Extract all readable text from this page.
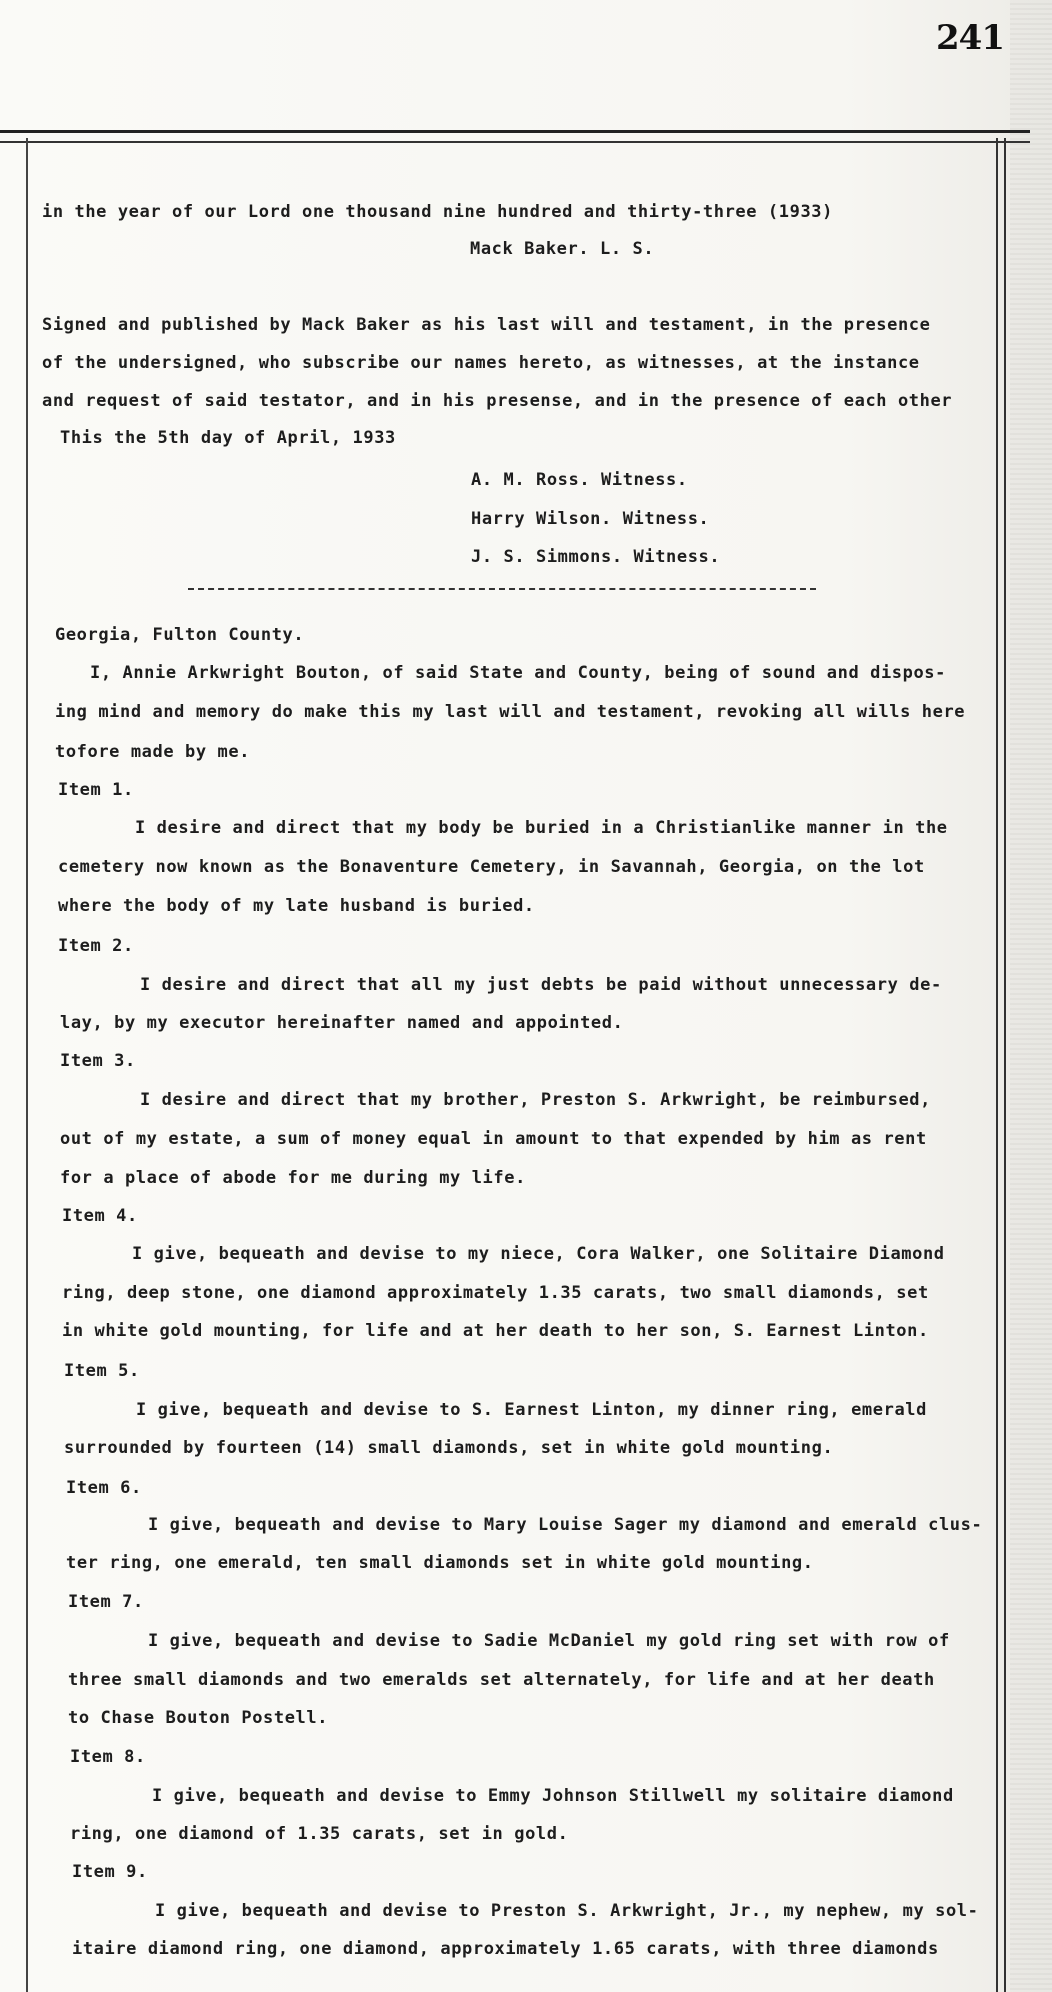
241
in the year of our Lord one thousand nine hundred and thirty-three (1933)
Mack Baker. L. S.
Signed and published by Mack Baker as his last will and testament, in the presence
of the undersigned, who subscribe our names hereto, as witnesses, at the instance
and request of said testator, and in his presense, and in the presence of each other
This the 5th day of April, 1933
A. M. Ross. Witness.
Harry Wilson. Witness.
J. S. Simmons. Witness.
Georgia, Fulton County.
I, Annie Arkwright Bouton, of said State and County, being of sound and dispos-
ing mind and memory do make this my last will and testament, revoking all wills here
tofore made by me.
Item 1.
I desire and direct that my body be buried in a Christianlike manner in the
cemetery now known as the Bonaventure Cemetery, in Savannah, Georgia, on the lot
where the body of my late husband is buried.
Item 2.
I desire and direct that all my just debts be paid without unnecessary de-
lay, by my executor hereinafter named and appointed.
Item 3.
I desire and direct that my brother, Preston S. Arkwright, be reimbursed,
out of my estate, a sum of money equal in amount to that expended by him as rent
for a place of abode for me during my life.
Item 4.
I give, bequeath and devise to my niece, Cora Walker, one Solitaire Diamond
ring, deep stone, one diamond approximately 1.35 carats, two small diamonds, set
in white gold mounting, for life and at her death to her son, S. Earnest Linton.
Item 5.
I give, bequeath and devise to S. Earnest Linton, my dinner ring, emerald
surrounded by fourteen (14) small diamonds, set in white gold mounting.
Item 6.
I give, bequeath and devise to Mary Louise Sager my diamond and emerald clus-
ter ring, one emerald, ten small diamonds set in white gold mounting.
Item 7.
I give, bequeath and devise to Sadie McDaniel my gold ring set with row of
three small diamonds and two emeralds set alternately, for life and at her death
to Chase Bouton Postell.
Item 8.
I give, bequeath and devise to Emmy Johnson Stillwell my solitaire diamond
ring, one diamond of 1.35 carats, set in gold.
Item 9.
I give, bequeath and devise to Preston S. Arkwright, Jr., my nephew, my sol-
itaire diamond ring, one diamond, approximately 1.65 carats, with three diamonds
